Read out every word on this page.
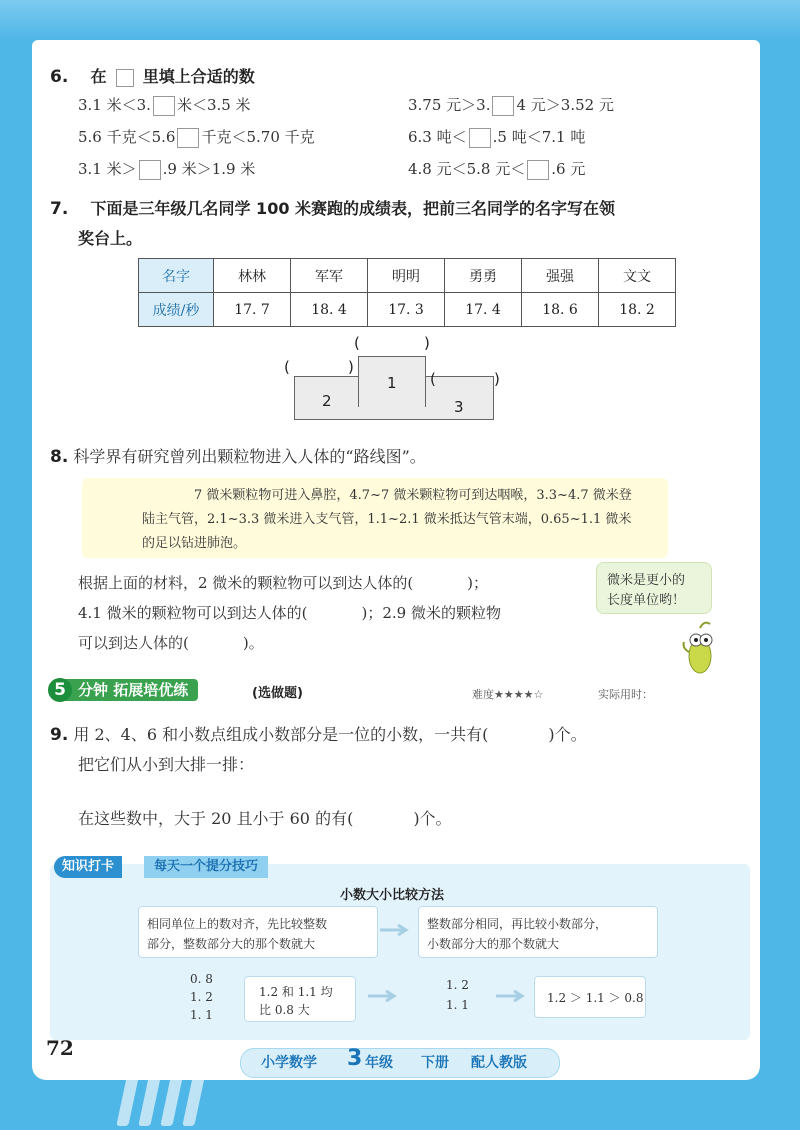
6. 在 里填上合适的数
3.1 米＜3. 米＜3.5 米	3.75 元＞3. 4 元＞3.52 元
5.6 千克＜5.6 千克＜5.70 千克	6.3 吨＜ .5 吨＜7.1 吨
3.1 米＞ .9 米＞1.9 米	4.8 元＜5.8 元＜ .6 元
7. 下面是三年级几名同学 100 米赛跑的成绩表，把前三名同学的名字写在领
奖台上。
名字	林林	军军	明明	勇勇	强强	文文
成绩/秒	17. 7	18. 4	17. 3	17. 4	18. 6	18. 2
2
1
3
(	)
(	)
(	)
8. 科学界有研究曾列出颗粒物进入人体的“路线图”。
7 微米颗粒物可进入鼻腔，4.7~7 微米颗粒物可到达咽喉，3.3~4.7 微米登
陆主气管，2.1~3.3 微米进入支气管，1.1~2.1 微米抵达气管末端，0.65~1.1 微米
的足以钻进肺泡。
根据上面的材料，2 微米的颗粒物可以到达人体的(	)；
4.1 微米的颗粒物可以到达人体的(	)；2.9 微米的颗粒物
可以到达人体的(	)。
微米是更小的
长度单位哟！
分钟 拓展培优练
5	(选做题)	难度★★★★☆	实际用时：
9. 用 2、4、6 和小数点组成小数部分是一位的小数，一共有(	)个。
把它们从小到大排一排：
在这些数中，大于 20 且小于 60 的有(	)个。
小数大小比较方法
相同单位上的数对齐，先比较整数
部分，整数部分大的那个数就大
整数部分相同，再比较小数部分，
小数部分大的那个数就大
0. 8
1. 2
1. 1
1.2 和 1.1 均
比 0.8 大
1. 2
1. 1	1.2 ＞ 1.1 ＞ 0.8
知识打卡	每天一个提分技巧
72
小学数学 3 年级 下册 配人教版
